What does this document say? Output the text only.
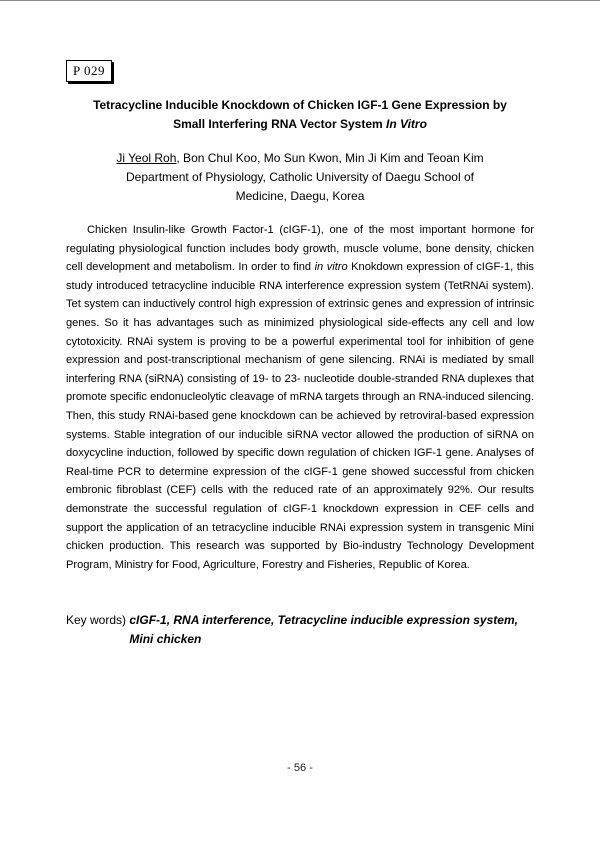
P 029
Tetracycline Inducible Knockdown of Chicken IGF-1 Gene Expression by
Small Interfering RNA Vector System In Vitro
Ji Yeol Roh, Bon Chul Koo, Mo Sun Kwon, Min Ji Kim and Teoan Kim
Department of Physiology, Catholic University of Daegu School of
Medicine, Daegu, Korea

Chicken Insulin-like Growth Factor-1 (cIGF-1), one of the most important hormone for regulating physiological function includes body growth, muscle volume, bone density, chicken cell development and metabolism. In order to find in vitro Knokdown expression of cIGF-1, this study introduced tetracycline inducible RNA interference expression system (TetRNAi system). Tet system can inductively control high expression of extrinsic genes and expression of intrinsic genes. So it has advantages such as minimized physiological side-effects any cell and low cytotoxicity. RNAi system is proving to be a powerful experimental tool for inhibition of gene expression and post-transcriptional mechanism of gene silencing. RNAi is mediated by small interfering RNA (siRNA) consisting of 19- to 23- nucleotide double-stranded RNA duplexes that promote specific endonucleolytic cleavage of mRNA targets through an RNA-induced silencing. Then, this study RNAi-based gene knockdown can be achieved by retroviral-based expression systems. Stable integration of our inducible siRNA vector allowed the production of siRNA on doxycycline induction, followed by specific down regulation of chicken IGF-1 gene. Analyses of Real-time PCR to determine expression of the cIGF-1 gene showed successful from chicken embronic fibroblast (CEF) cells with the reduced rate of an approximately 92%. Our results demonstrate the successful regulation of cIGF-1 knockdown expression in CEF cells and support the application of an tetracycline inducible RNAi expression system in transgenic Mini chicken production. This research was supported by Bio-industry Technology Development Program, Ministry for Food, Agriculture, Forestry and Fisheries, Republic of Korea.

Key words) cIGF-1, RNA interference, Tetracycline inducible expression system, Mini chicken
- 56 -
